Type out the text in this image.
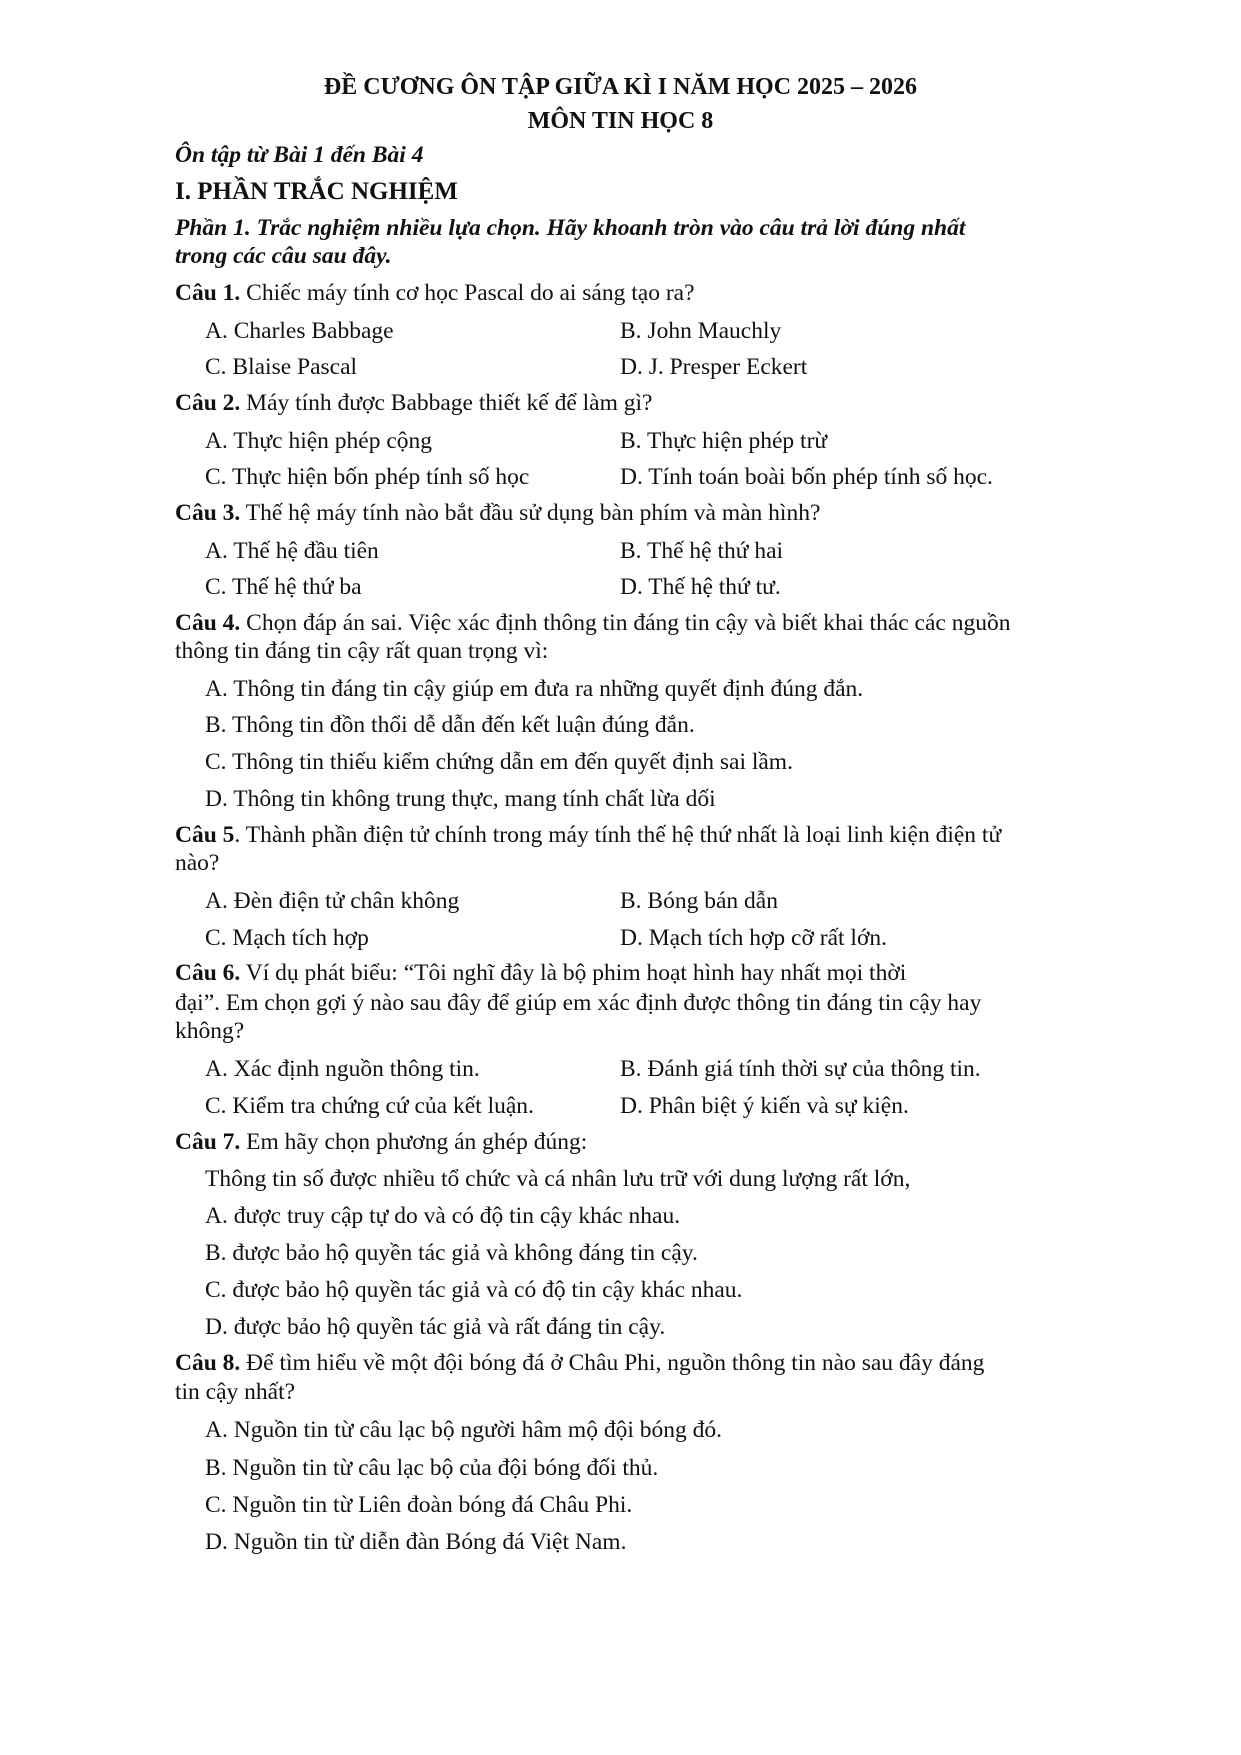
ĐỀ CƯƠNG ÔN TẬP GIỮA KÌ I NĂM HỌC 2025 – 2026
MÔN TIN HỌC 8
Ôn tập từ Bài 1 đến Bài 4
I. PHẦN TRẮC NGHIỆM
Phần 1. Trắc nghiệm nhiều lựa chọn. Hãy khoanh tròn vào câu trả lời đúng nhất
trong các câu sau đây.
Câu 1. Chiếc máy tính cơ học Pascal do ai sáng tạo ra?
A. Charles Babbage	B. John Mauchly
C. Blaise Pascal	D. J. Presper Eckert
Câu 2. Máy tính được Babbage thiết kế để làm gì?
A. Thực hiện phép cộng	B. Thực hiện phép trừ
C. Thực hiện bốn phép tính số học	D. Tính toán boài bốn phép tính số học.
Câu 3. Thế hệ máy tính nào bắt đầu sử dụng bàn phím và màn hình?
A. Thế hệ đầu tiên	B. Thế hệ thứ hai
C. Thế hệ thứ ba	D. Thế hệ thứ tư.
Câu 4. Chọn đáp án sai. Việc xác định thông tin đáng tin cậy và biết khai thác các nguồn
thông tin đáng tin cậy rất quan trọng vì:
A. Thông tin đáng tin cậy giúp em đưa ra những quyết định đúng đắn.
B. Thông tin đồn thổi dễ dẫn đến kết luận đúng đắn.
C. Thông tin thiếu kiểm chứng dẫn em đến quyết định sai lầm.
D. Thông tin không trung thực, mang tính chất lừa dối
Câu 5. Thành phần điện tử chính trong máy tính thế hệ thứ nhất là loại linh kiện điện tử
nào?
A. Đèn điện tử chân không	B. Bóng bán dẫn
C. Mạch tích hợp	D. Mạch tích hợp cỡ rất lớn.
Câu 6. Ví dụ phát biểu: “Tôi nghĩ đây là bộ phim hoạt hình hay nhất mọi thời
đại”. Em chọn gợi ý nào sau đây để giúp em xác định được thông tin đáng tin cậy hay
không?
A. Xác định nguồn thông tin.	B. Đánh giá tính thời sự của thông tin.
C. Kiểm tra chứng cứ của kết luận.	D. Phân biệt ý kiến và sự kiện.
Câu 7. Em hãy chọn phương án ghép đúng:
Thông tin số được nhiều tổ chức và cá nhân lưu trữ với dung lượng rất lớn,
A. được truy cập tự do và có độ tin cậy khác nhau.
B. được bảo hộ quyền tác giả và không đáng tin cậy.
C. được bảo hộ quyền tác giả và có độ tin cậy khác nhau.
D. được bảo hộ quyền tác giả và rất đáng tin cậy.
Câu 8. Để tìm hiểu về một đội bóng đá ở Châu Phi, nguồn thông tin nào sau đây đáng
tin cậy nhất?
A. Nguồn tin từ câu lạc bộ người hâm mộ đội bóng đó.
B. Nguồn tin từ câu lạc bộ của đội bóng đối thủ.
C. Nguồn tin từ Liên đoàn bóng đá Châu Phi.
D. Nguồn tin từ diễn đàn Bóng đá Việt Nam.
